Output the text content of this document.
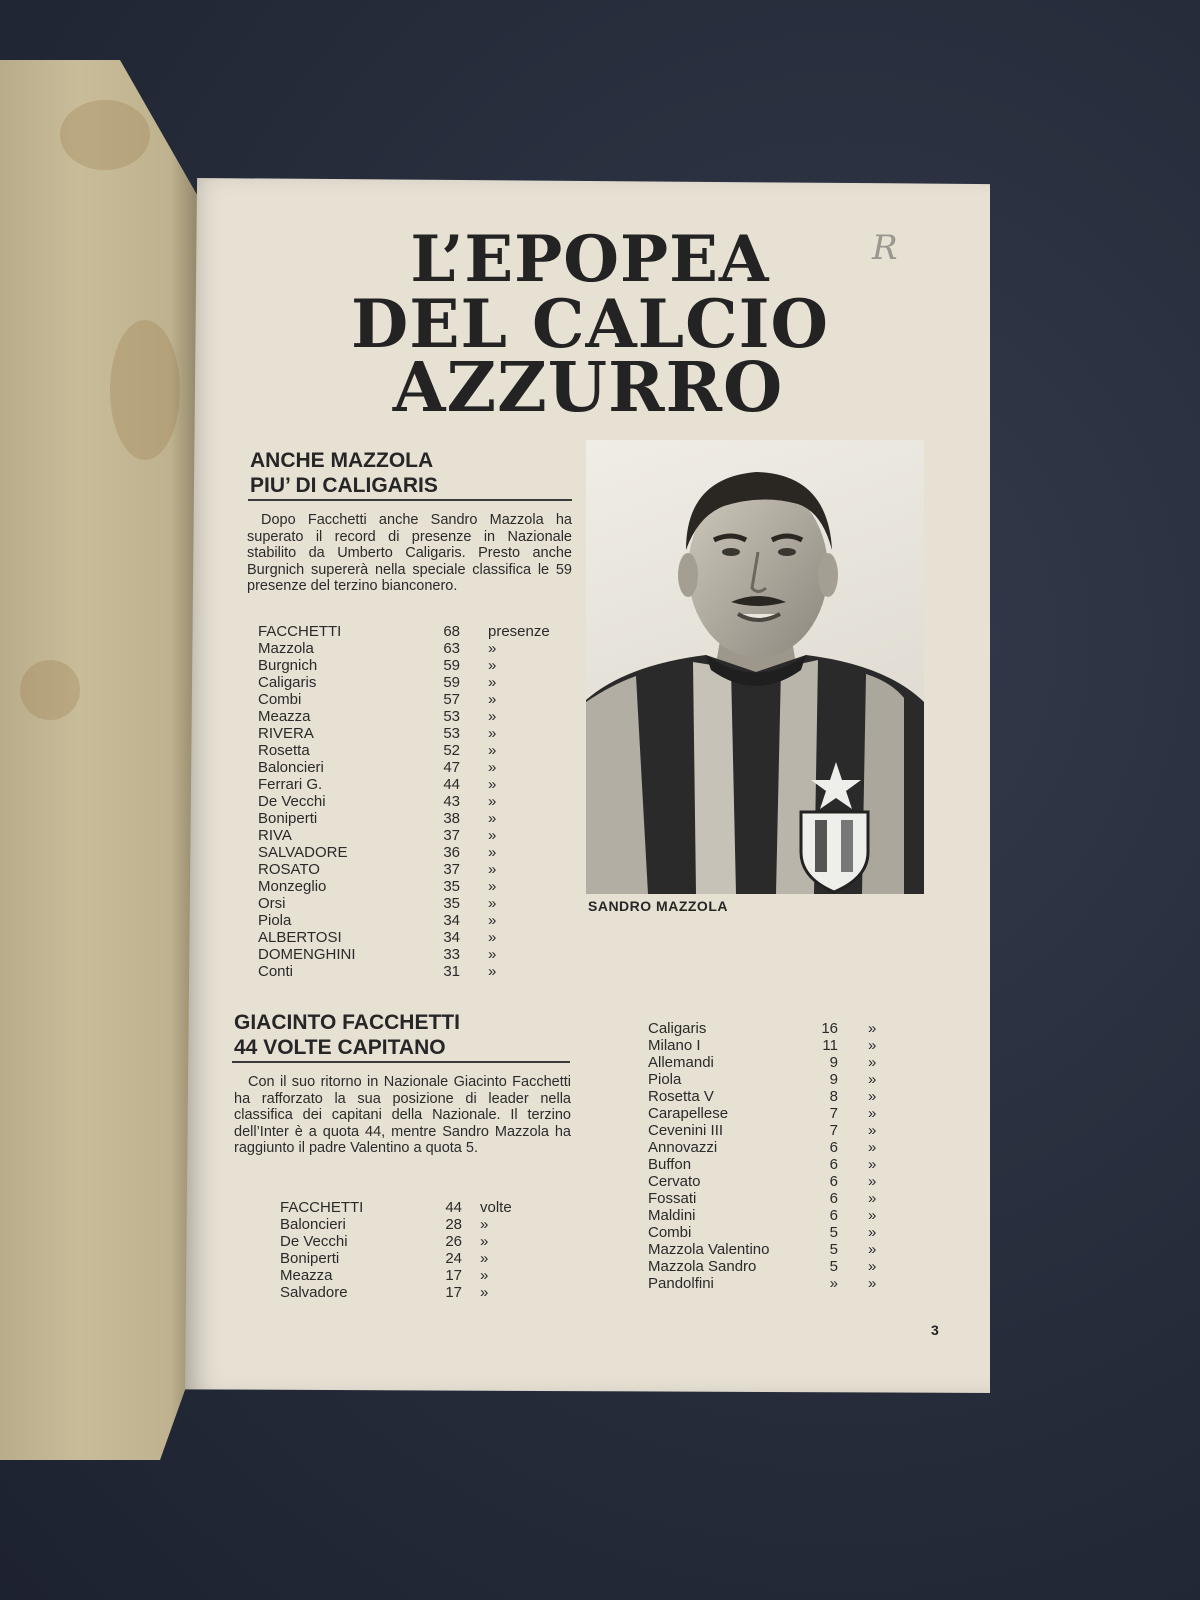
R
L’EPOPEA
DEL CALCIO
AZZURRO
ANCHE MAZZOLA
PIU’ DI CALIGARIS
Dopo Facchetti anche Sandro Mazzola ha superato il record di presenze in Nazionale stabilito da Umberto Caligaris. Presto anche Burgnich supererà nella speciale classifica le 59 presenze del terzino bianconero.
FACCHETTI	68 presenze
Mazzola	63 »
Burgnich	59 »
Caligaris	59 »
Combi	57 »
Meazza	53 »
RIVERA	53 »
Rosetta	52 »
Baloncieri	47 »
Ferrari G.	44 »
De Vecchi	43 »
Boniperti	38 »
RIVA	37 »
SALVADORE	36 »
ROSATO	37 »
Monzeglio	35 »
Orsi	35 »
Piola	34 »
ALBERTOSI	34 »
DOMENGHINI	33 »
Conti	31 »
SANDRO MAZZOLA
GIACINTO FACCHETTI
44 VOLTE CAPITANO
Con il suo ritorno in Nazionale Giacinto Facchetti ha rafforzato la sua posizione di leader nella classifica dei capitani della Nazionale. Il terzino dell’Inter è a quota 44, mentre Sandro Mazzola ha raggiunto il padre Valentino a quota 5.
FACCHETTI	44 volte
Baloncieri	28 »
De Vecchi	26 »
Boniperti	24 »
Meazza	17 »
Salvadore	17 »
Caligaris	16 »
Milano I	11 »
Allemandi	9 »
Piola	9 »
Rosetta V	8 »
Carapellese	7 »
Cevenini III	7 »
Annovazzi	6 »
Buffon	6 »
Cervato	6 »
Fossati	6 »
Maldini	6 »
Combi	5 »
Mazzola Valentino	5 »
Mazzola Sandro	5 »
Pandolfini	» »
3
